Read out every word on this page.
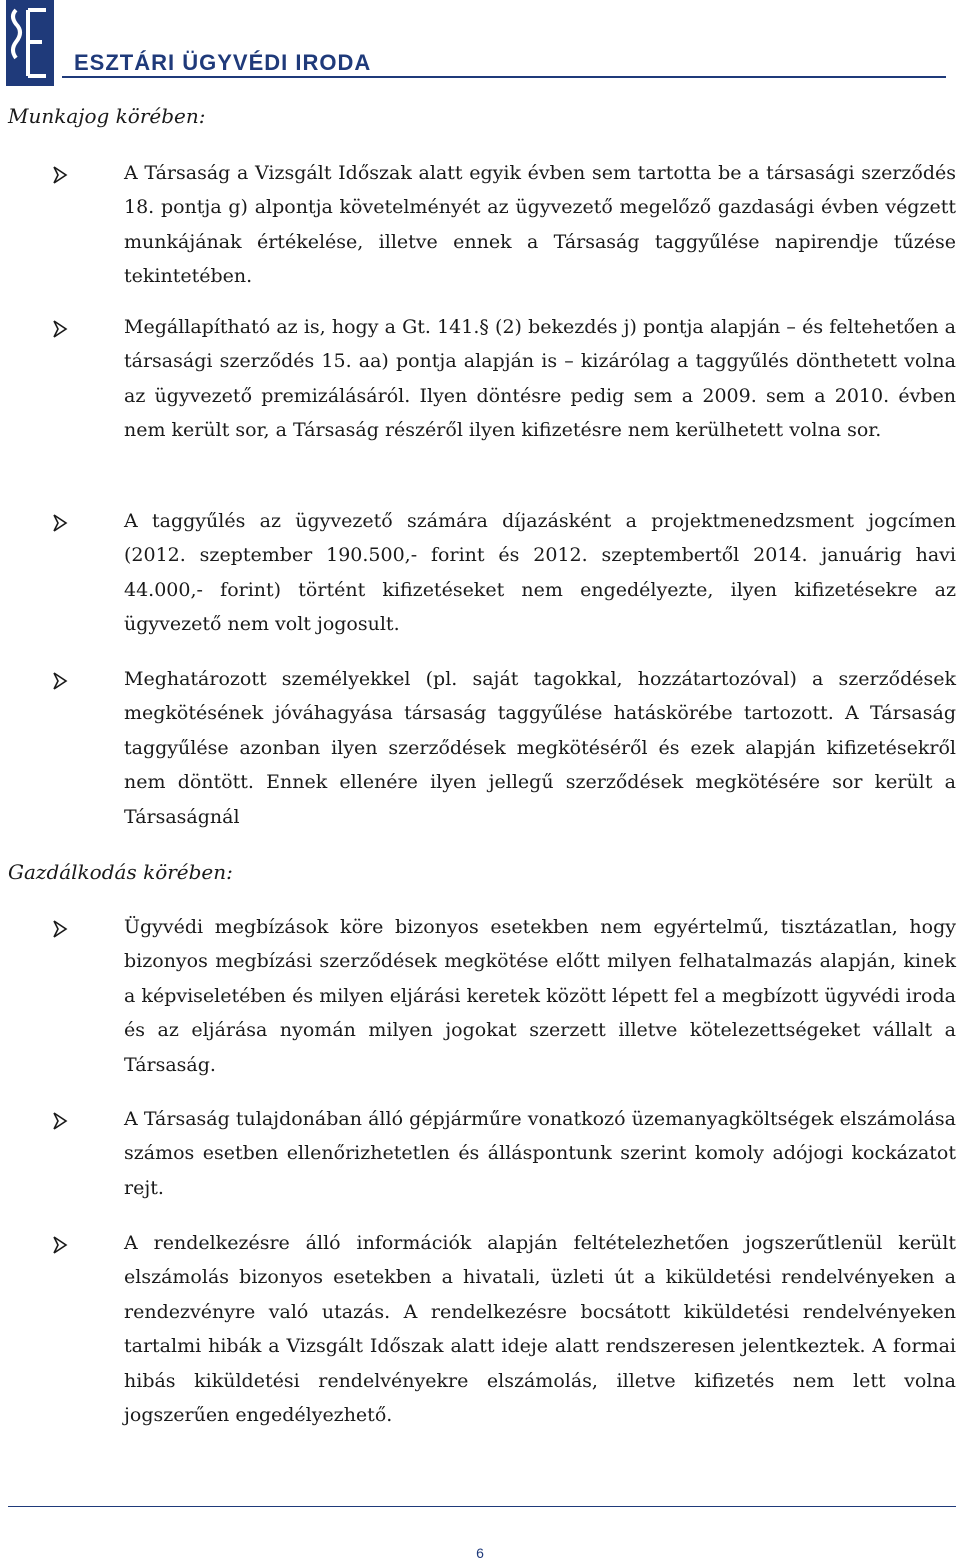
ESZTÁRI ÜGYVÉDI IRODA
Munkajog körében:
A Társaság a Vizsgált Időszak alatt egyik évben sem tartotta be a társasági szerződés 18. pontja g) alpontja követelményét az ügyvezető megelőző gazdasági évben végzett munkájának értékelése, illetve ennek a Társaság taggyűlése napirendje tűzése tekintetében.
Megállapítható az is, hogy a Gt. 141.§ (2) bekezdés j) pontja alapján – és feltehetően a társasági szerződés 15. aa) pontja alapján is – kizárólag a taggyűlés dönthetett volna az ügyvezető premizálásáról. Ilyen döntésre pedig sem a 2009. sem a 2010. évben nem került sor, a Társaság részéről ilyen kifizetésre nem kerülhetett volna sor.
A taggyűlés az ügyvezető számára díjazásként a projektmenedzsment jogcímen (2012. szeptember 190.500,- forint és 2012. szeptembertől 2014. januárig havi 44.000,- forint) történt kifizetéseket nem engedélyezte, ilyen kifizetésekre az ügyvezető nem volt jogosult.
Meghatározott személyekkel (pl. saját tagokkal, hozzátartozóval) a szerződések megkötésének jóváhagyása társaság taggyűlése hatáskörébe tartozott. A Társaság taggyűlése azonban ilyen szerződések megkötéséről és ezek alapján kifizetésekről nem döntött. Ennek ellenére ilyen jellegű szerződések megkötésére sor került a Társaságnál
Gazdálkodás körében:
Ügyvédi megbízások köre bizonyos esetekben nem egyértelmű, tisztázatlan, hogy bizonyos megbízási szerződések megkötése előtt milyen felhatalmazás alapján, kinek a képviseletében és milyen eljárási keretek között lépett fel a megbízott ügyvédi iroda és az eljárása nyomán milyen jogokat szerzett illetve kötelezettségeket vállalt a Társaság.
A Társaság tulajdonában álló gépjárműre vonatkozó üzemanyagköltségek elszámolása számos esetben ellenőrizhetetlen és álláspontunk szerint komoly adójogi kockázatot rejt.
A rendelkezésre álló információk alapján feltételezhetően jogszerűtlenül került elszámolás bizonyos esetekben a hivatali, üzleti út a kiküldetési rendelvényeken a rendezvényre való utazás. A rendelkezésre bocsátott kiküldetési rendelvényeken tartalmi hibák a Vizsgált Időszak alatt ideje alatt rendszeresen jelentkeztek. A formai hibás kiküldetési rendelvényekre elszámolás, illetve kifizetés nem lett volna jogszerűen engedélyezhető.
6
